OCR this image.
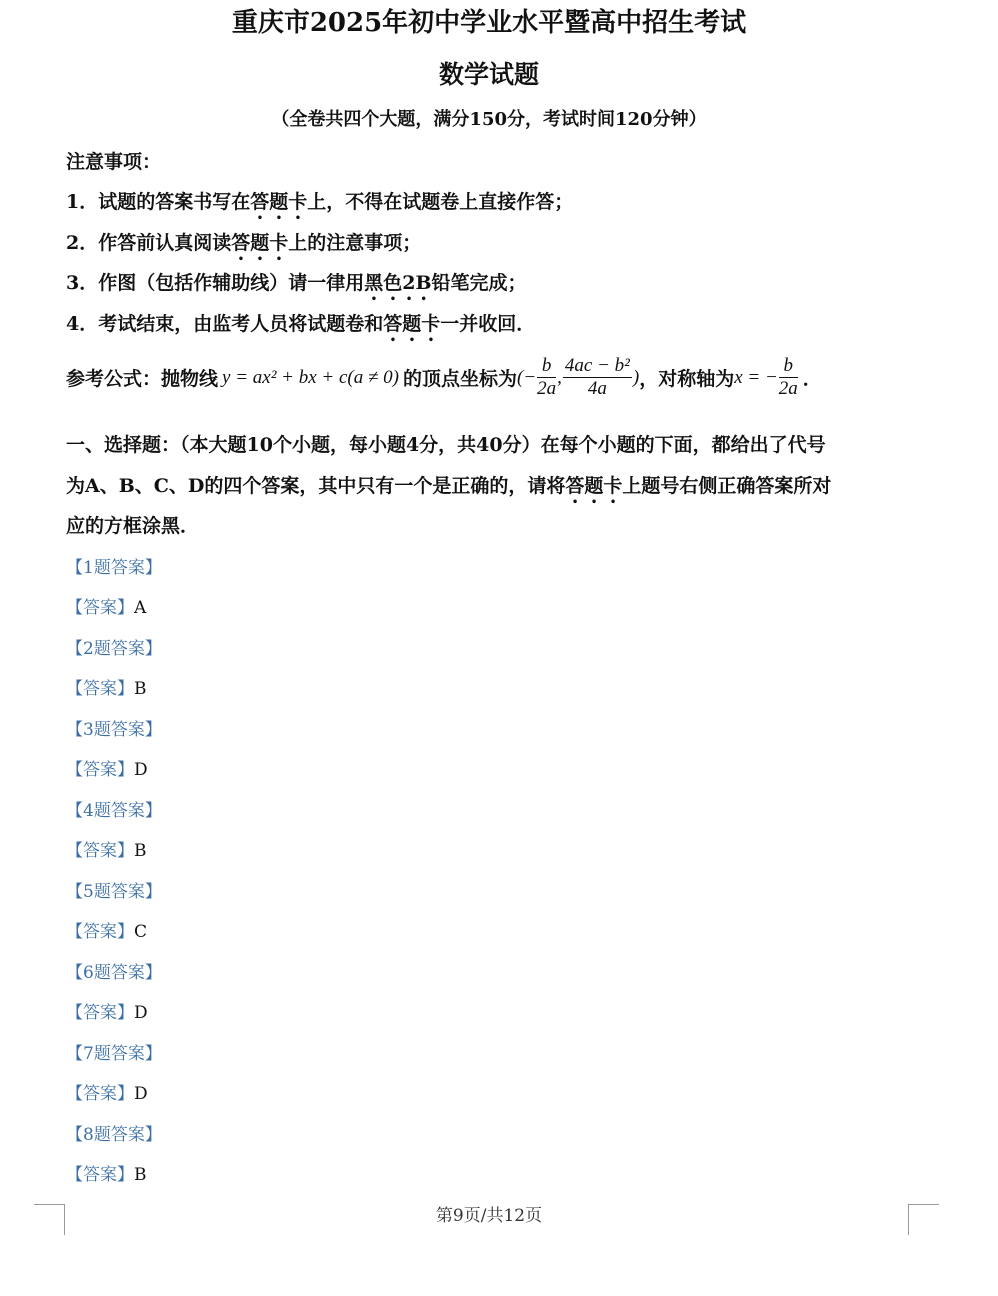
重庆市2025年初中学业水平暨高中招生考试
数学试题
（全卷共四个大题，满分150分，考试时间120分钟）
注意事项：
1．试题的答案书写在答题卡上，不得在试题卷上直接作答；
2．作答前认真阅读答题卡上的注意事项；
3．作图（包括作辅助线）请一律用黑色2B铅笔完成；
4．考试结束，由监考人员将试题卷和答题卡一并收回．
参考公式：抛物线 y = ax² + bx + c(a ≠ 0) 的顶点坐标为 (− $\frac{b}{2a}$ , $\frac{\text{4ac − b²}}{4a}$ ) ，对称轴为 x = − $\frac{b}{2a}$ ．
一、选择题：（本大题10个小题，每小题4分，共40分）在每个小题的下面，都给出了代号
为A、B、C、D的四个答案，其中只有一个是正确的，请将答题卡上题号右侧正确答案所对
应的方框涂黑．
【1题答案】
【答案】A
【2题答案】
【答案】B
【3题答案】
【答案】D
【4题答案】
【答案】B
【5题答案】
【答案】C
【6题答案】
【答案】D
【7题答案】
【答案】D
【8题答案】
【答案】B
第9页/共12页
